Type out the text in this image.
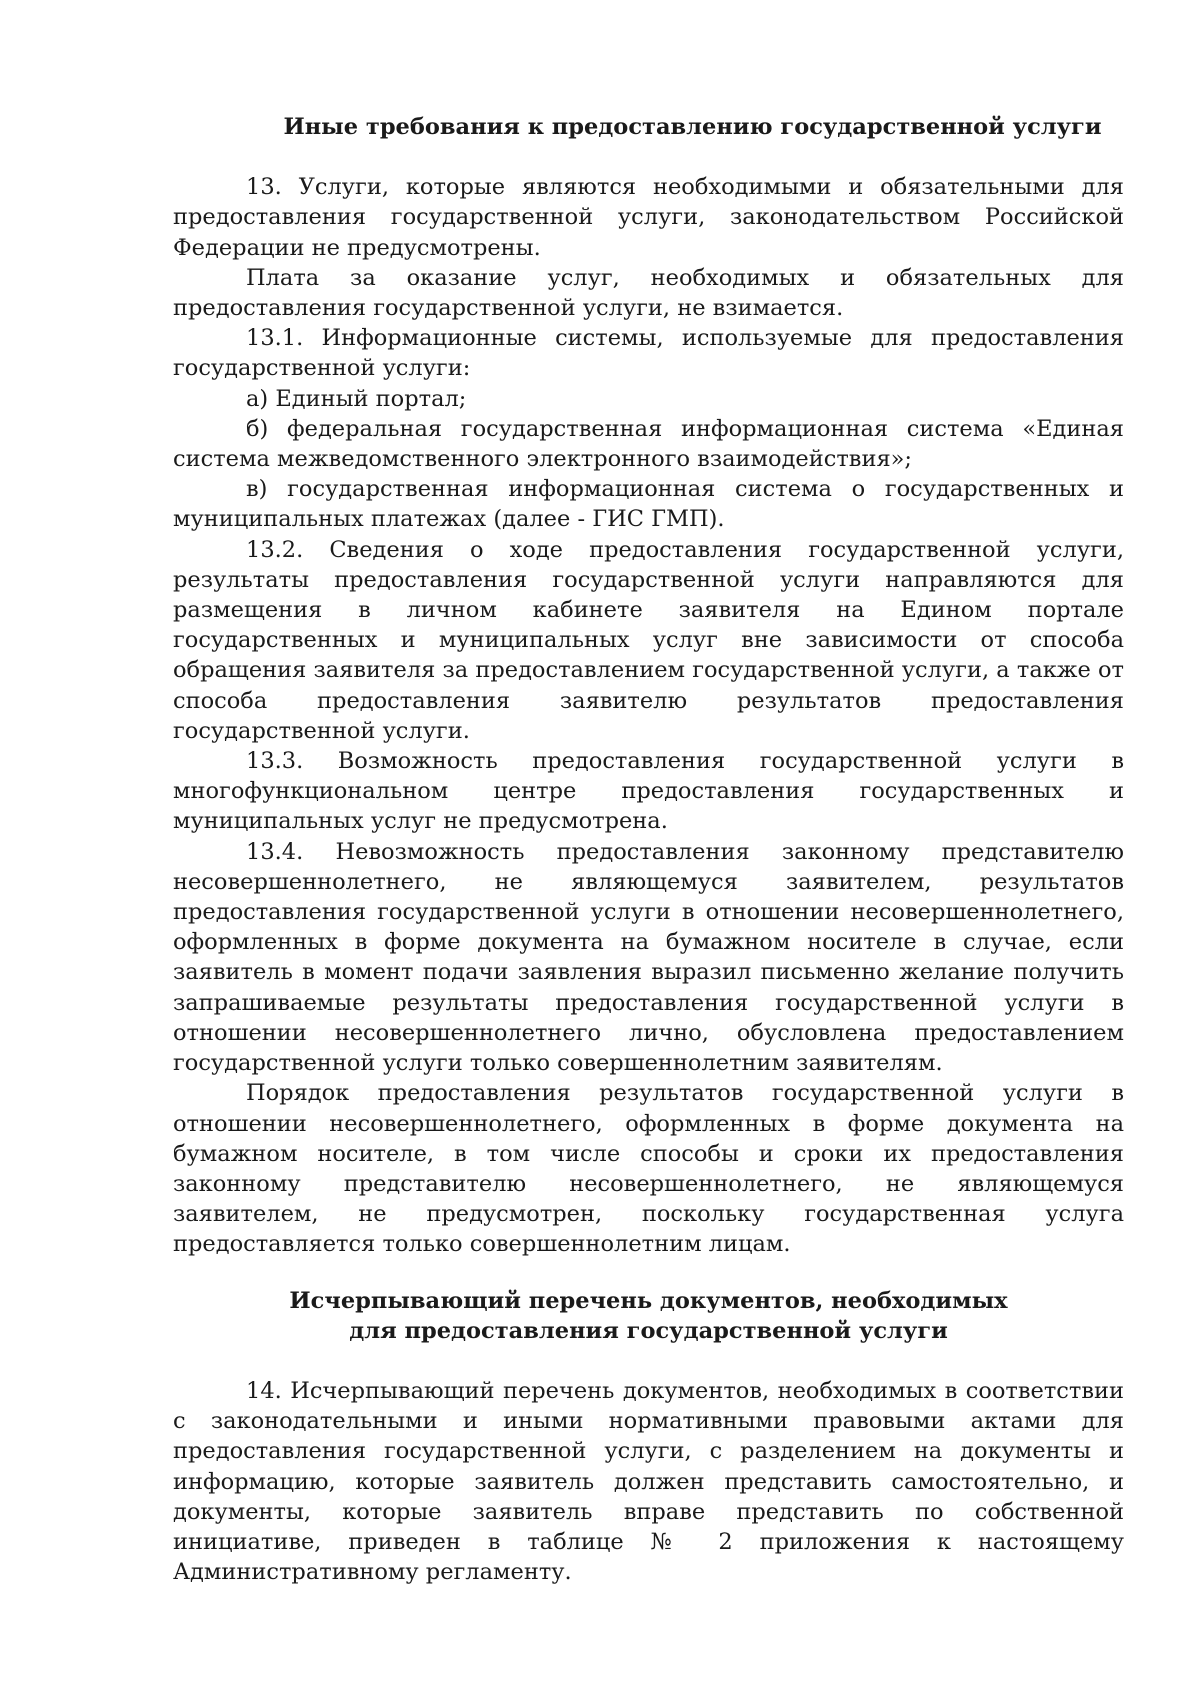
Иные требования к предоставлению государственной услуги

13. Услуги, которые являются необходимыми и обязательными для предоставления государственной услуги, законодательством Российской Федерации не предусмотрены.

Плата за оказание услуг, необходимых и обязательных для предоставления государственной услуги, не взимается.

13.1. Информационные системы, используемые для предоставления государственной услуги:

а) Единый портал;

б) федеральная государственная информационная система «Единая система межведомственного электронного взаимодействия»;

в) государственная информационная система о государственных и муниципальных платежах (далее - ГИС ГМП).

13.2. Сведения о ходе предоставления государственной услуги, результаты предоставления государственной услуги направляются для размещения в личном кабинете заявителя на Едином портале государственных и муниципальных услуг вне зависимости от способа обращения заявителя за предоставлением государственной услуги, а также от способа предоставления заявителю результатов предоставления государственной услуги.

13.3. Возможность предоставления государственной услуги в многофункциональном центре предоставления государственных и муниципальных услуг не предусмотрена.

13.4. Невозможность предоставления законному представителю несовершеннолетнего, не являющемуся заявителем, результатов предоставления государственной услуги в отношении несовершеннолетнего, оформленных в форме документа на бумажном носителе в случае, если заявитель в момент подачи заявления выразил письменно желание получить запрашиваемые результаты предоставления государственной услуги в отношении несовершеннолетнего лично, обусловлена предоставлением государственной услуги только совершеннолетним заявителям.

Порядок предоставления результатов государственной услуги в отношении несовершеннолетнего, оформленных в форме документа на бумажном носителе, в том числе способы и сроки их предоставления законному представителю несовершеннолетнего, не являющемуся заявителем, не предусмотрен, поскольку государственная услуга предоставляется только совершеннолетним лицам.

Исчерпывающий перечень документов, необходимых
для предоставления государственной услуги

14. Исчерпывающий перечень документов, необходимых в соответствии с законодательными и иными нормативными правовыми актами для предоставления государственной услуги, с разделением на документы и информацию, которые заявитель должен представить самостоятельно, и документы, которые заявитель вправе представить по собственной инициативе, приведен в таблице № 2 приложения к настоящему Административному регламенту.
